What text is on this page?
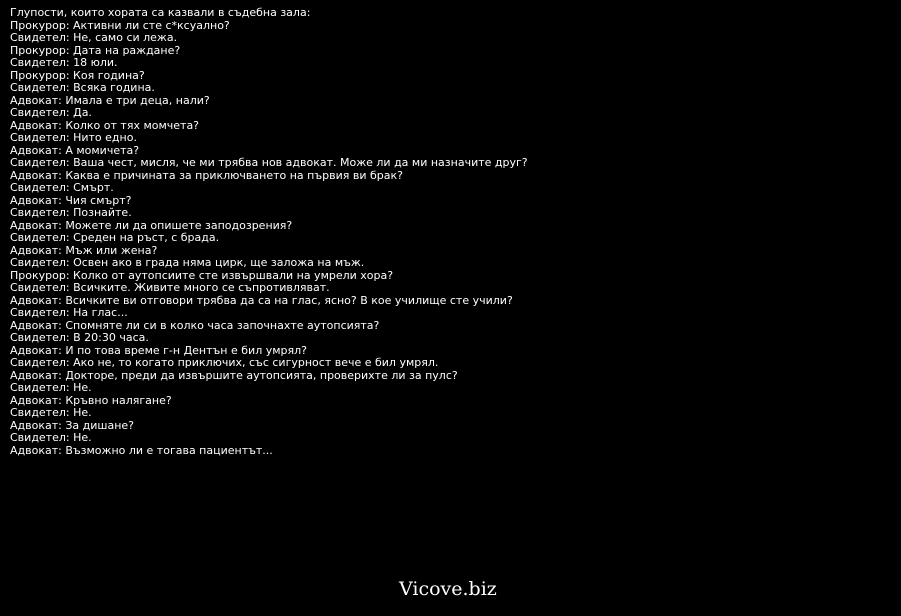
Глупости, които хората са казвали в съдебна зала:
Прокурор: Активни ли сте с*ксуално?
Свидетел: Не, само си лежа.
Прокурор: Дата на раждане?
Свидетел: 18 юли.
Прокурор: Коя година?
Свидетел: Всяка година.
Адвокат: Имала е три деца, нали?
Свидетел: Да.
Адвокат: Колко от тях момчета?
Свидетел: Нито едно.
Адвокат: А момичета?
Свидетел: Ваша чест, мисля, че ми трябва нов адвокат. Може ли да ми назначите друг?
Адвокат: Каква е причината за приключването на първия ви брак?
Свидетел: Смърт.
Адвокат: Чия смърт?
Свидетел: Познайте.
Адвокат: Можете ли да опишете заподозрения?
Свидетел: Среден на ръст, с брада.
Адвокат: Мъж или жена?
Свидетел: Освен ако в града няма цирк, ще заложа на мъж.
Прокурор: Колко от аутопсиите сте извършвали на умрели хора?
Свидетел: Всичките. Живите много се съпротивляват.
Адвокат: Всичките ви отговори трябва да са на глас, ясно? В кое училище сте учили?
Свидетел: На глас...
Адвокат: Спомняте ли си в колко часа започнахте аутопсията?
Свидетел: В 20:30 часа.
Адвокат: И по това време г-н Дентън е бил умрял?
Свидетел: Ако не, то когато приключих, със сигурност вече е бил умрял.
Адвокат: Докторе, преди да извършите аутопсията, проверихте ли за пулс?
Свидетел: Не.
Адвокат: Кръвно налягане?
Свидетел: Не.
Адвокат: За дишане?
Свидетел: Не.
Адвокат: Възможно ли е тогава пациентът...
Vicove.biz
